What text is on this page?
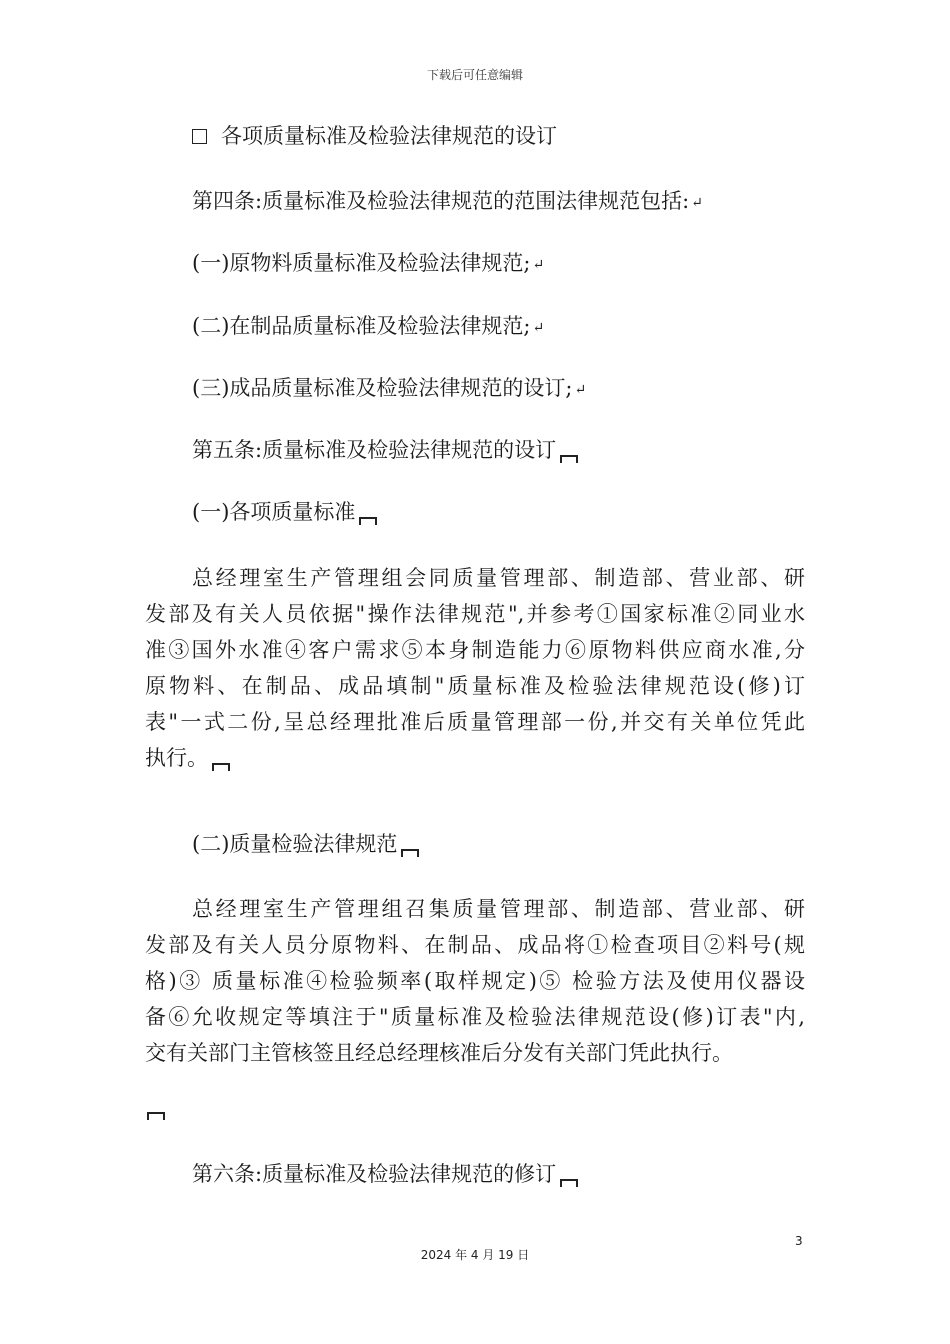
下载后可任意编辑
各项质量标准及检验法律规范的设订
第四条:质量标准及检验法律规范的范围法律规范包括: ↵
(一)原物料质量标准及检验法律规范; ↵
(二)在制品质量标准及检验法律规范; ↵
(三)成品质量标准及检验法律规范的设订; ↵
第五条:质量标准及检验法律规范的设订
(一)各项质量标准
总经理室生产管理组会同质量管理部、制造部、营业部、研
发部及有关人员依据"操作法律规范",并参考①国家标准②同业水
准③国外水准④客户需求⑤本身制造能力⑥原物料供应商水准,分
原物料、在制品、成品填制"质量标准及检验法律规范设(修)订
表"一式二份,呈总经理批准后质量管理部一份,并交有关单位凭此
执行。
(二)质量检验法律规范
总经理室生产管理组召集质量管理部、制造部、营业部、研
发部及有关人员分原物料、在制品、成品将①检查项目②料号(规
格)③ 质量标准④检验频率(取样规定)⑤ 检验方法及使用仪器设
备⑥允收规定等填注于"质量标准及检验法律规范设(修)订表"内,
交有关部门主管核签且经总经理核准后分发有关部门凭此执行。
第六条:质量标准及检验法律规范的修订
3
2024 年 4 月 19 日
